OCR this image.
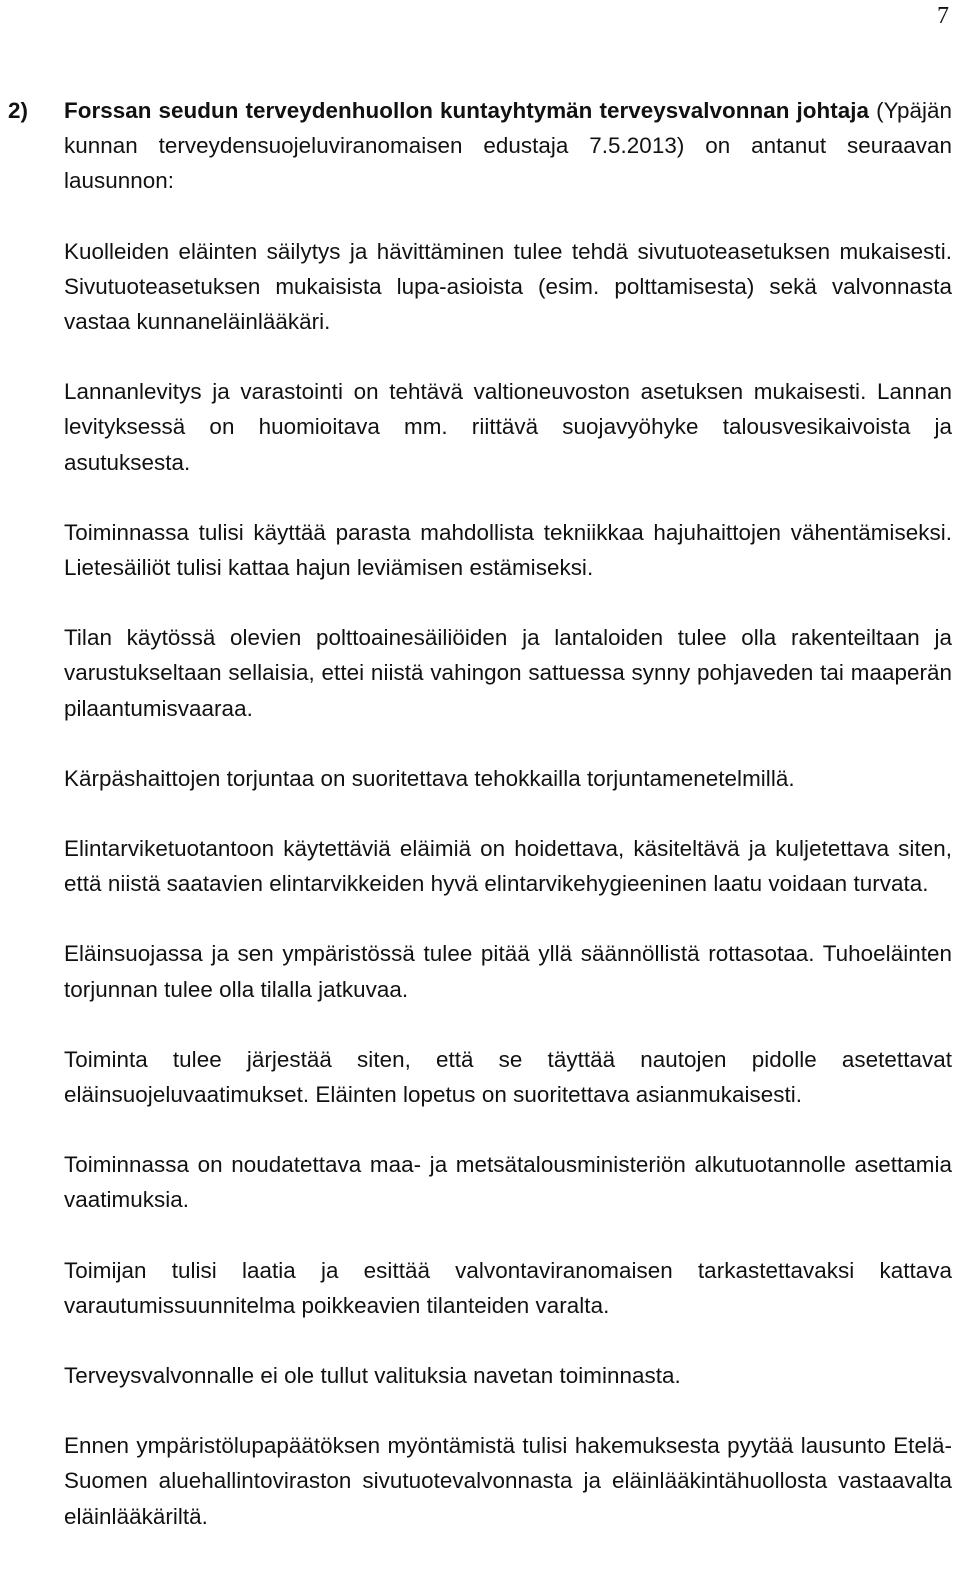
7
2) Forssan seudun terveydenhuollon kuntayhtymän terveysvalvonnan johtaja (Ypäjän kunnan terveydensuojeluviranomaisen edustaja 7.5.2013) on antanut seuraavan lausunnon:

Kuolleiden eläinten säilytys ja hävittäminen tulee tehdä sivutuoteasetuksen mukaisesti. Sivutuoteasetuksen mukaisista lupa-asioista (esim. polttamisesta) sekä valvonnasta vastaa kunnaneläinlääkäri.

Lannanlevitys ja varastointi on tehtävä valtioneuvoston asetuksen mukaisesti. Lannan levityksessä on huomioitava mm. riittävä suojavyöhyke talousvesikaivoista ja asutuksesta.

Toiminnassa tulisi käyttää parasta mahdollista tekniikkaa hajuhaittojen vähentämiseksi. Lietesäiliöt tulisi kattaa hajun leviämisen estämiseksi.

Tilan käytössä olevien polttoainesäiliöiden ja lantaloiden tulee olla rakenteiltaan ja varustukseltaan sellaisia, ettei niistä vahingon sattuessa synny pohjaveden tai maaperän pilaantumisvaaraa.

Kärpäshaittojen torjuntaa on suoritettava tehokkailla torjuntamenetelmillä.

Elintarviketuotantoon käytettäviä eläimiä on hoidettava, käsiteltävä ja kuljetettava siten, että niistä saatavien elintarvikkeiden hyvä elintarvikehygieeninen laatu voidaan turvata.

Eläinsuojassa ja sen ympäristössä tulee pitää yllä säännöllistä rottasotaa. Tuhoeläinten torjunnan tulee olla tilalla jatkuvaa.

Toiminta tulee järjestää siten, että se täyttää nautojen pidolle asetettavat eläinsuojeluvaatimukset. Eläinten lopetus on suoritettava asianmukaisesti.

Toiminnassa on noudatettava maa- ja metsätalousministeriön alkutuotannolle asettamia vaatimuksia.

Toimijan tulisi laatia ja esittää valvontaviranomaisen tarkastettavaksi kattava varautumissuunnitelma poikkeavien tilanteiden varalta.

Terveysvalvonnalle ei ole tullut valituksia navetan toiminnasta.

Ennen ympäristölupapäätöksen myöntämistä tulisi hakemuksesta pyytää lausunto Etelä-Suomen aluehallintoviraston sivutuotevalvonnasta ja eläinlääkintähuollosta vastaavalta eläinlääkäriltä.
